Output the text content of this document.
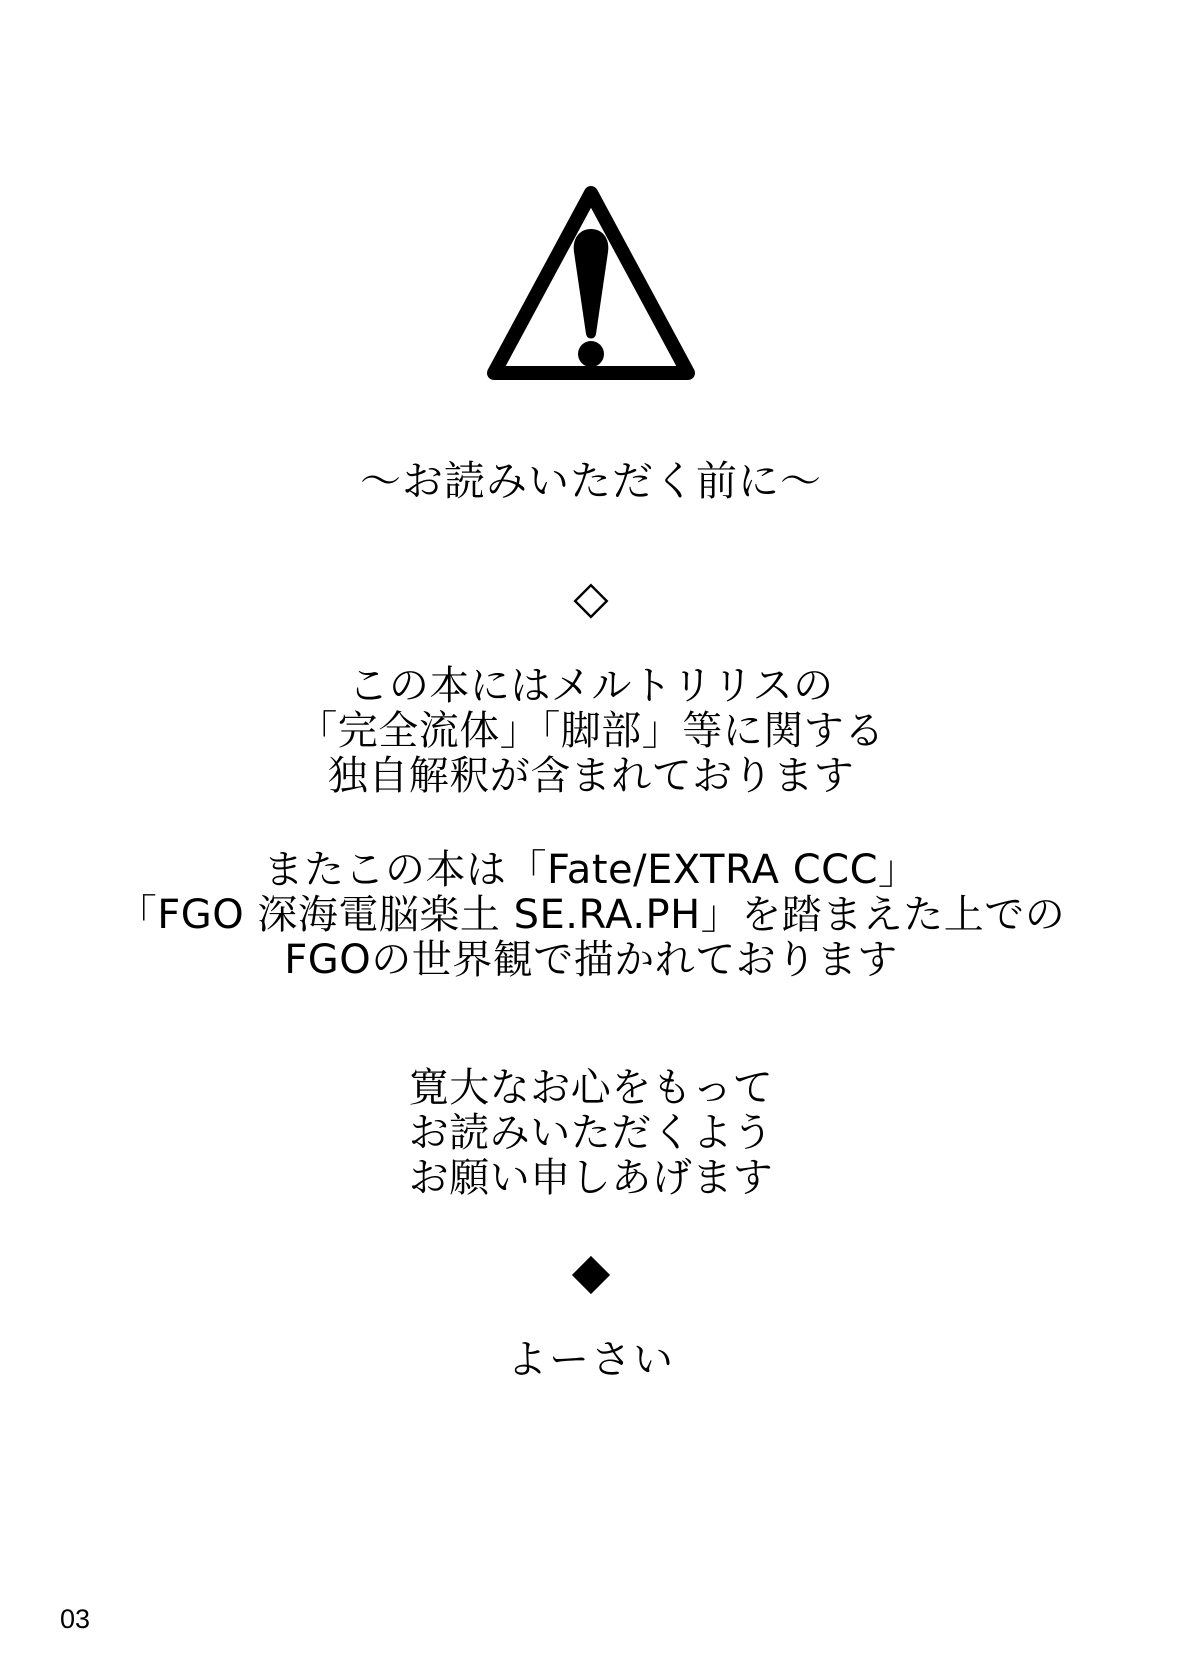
～お読みいただく前に～
◇
この本にはメルトリリスの
「完全流体」「脚部」等に関する
独自解釈が含まれております
またこの本は「Fate/EXTRA CCC」
「FGO 深海電脳楽土 SE.RA.PH」を踏まえた上での
FGOの世界観で描かれております
寛大なお心をもって
お読みいただくよう
お願い申しあげます
◆
よーさい
03
